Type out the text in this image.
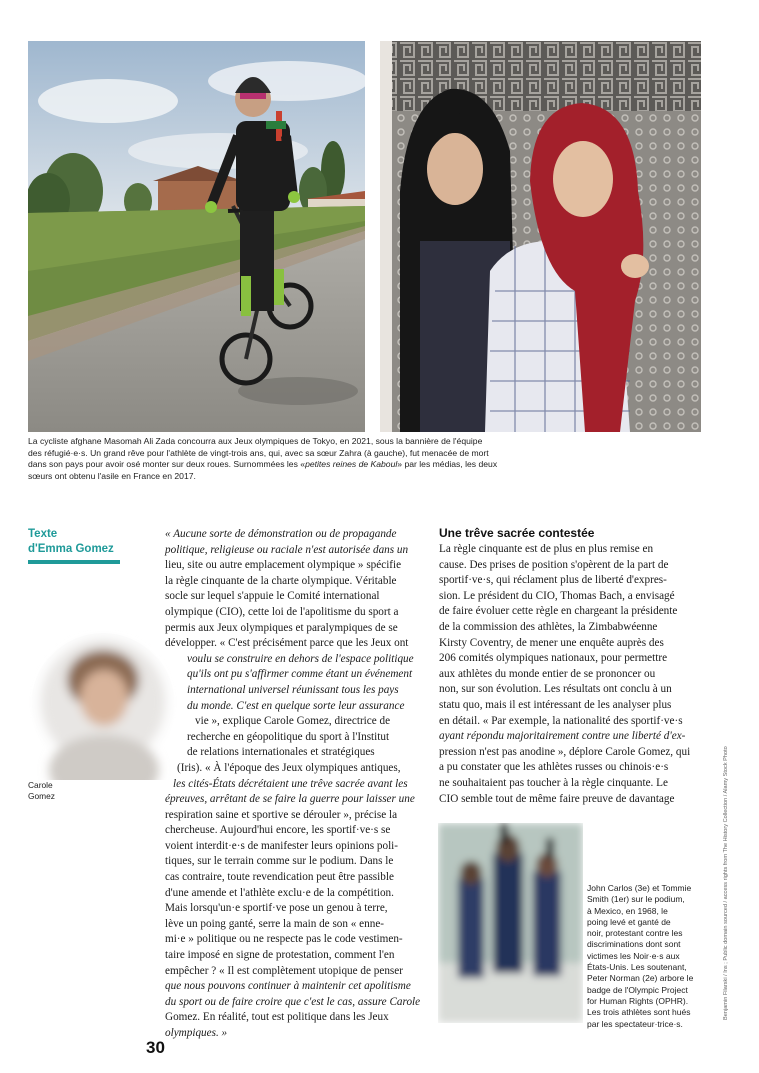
La cycliste afghane Masomah Ali Zada concourra aux Jeux olympiques de Tokyo, en 2021, sous la bannière de l'équipe des réfugié·e·s. Un grand rêve pour l'athlète de vingt-trois ans, qui, avec sa sœur Zahra (à gauche), fut menacée de mort dans son pays pour avoir osé monter sur deux roues. Surnommées les «petites reines de Kaboul» par les médias, les deux sœurs ont obtenu l'asile en France en 2017.
Texte
d'Emma Gomez
Carole
Gomez
« Aucune sorte de démonstration ou de propagande
politique, religieuse ou raciale n'est autorisée dans un
lieu, site ou autre emplacement olympique » spécifie
la règle cinquante de la charte olympique. Véritable
socle sur lequel s'appuie le Comité international
olympique (CIO), cette loi de l'apolitisme du sport a
permis aux Jeux olympiques et paralympiques de se
développer. « C'est précisément parce que les Jeux ont
voulu se construire en dehors de l'espace politique
qu'ils ont pu s'affirmer comme étant un événement
international universel réunissant tous les pays
du monde. C'est en quelque sorte leur assurance
vie », explique Carole Gomez, directrice de
recherche en géopolitique du sport à l'Institut
de relations internationales et stratégiques
(Iris). « À l'époque des Jeux olympiques antiques,
les cités-États décrétaient une trêve sacrée avant les
épreuves, arrêtant de se faire la guerre pour laisser une
respiration saine et sportive se dérouler », précise la
chercheuse. Aujourd'hui encore, les sportif·ve·s se
voient interdit·e·s de manifester leurs opinions poli-
tiques, sur le terrain comme sur le podium. Dans le
cas contraire, toute revendication peut être passible
d'une amende et l'athlète exclu·e de la compétition.
Mais lorsqu'un·e sportif·ve pose un genou à terre,
lève un poing ganté, serre la main de son « enne-
mi·e » politique ou ne respecte pas le code vestimen-
taire imposé en signe de protestation, comment l'en
empêcher ? « Il est complètement utopique de penser
que nous pouvons continuer à maintenir cet apolitisme
du sport ou de faire croire que c'est le cas, assure Carole
Gomez. En réalité, tout est politique dans les Jeux
olympiques. »
Une trêve sacrée contestée
La règle cinquante est de plus en plus remise en
cause. Des prises de position s'opèrent de la part de
sportif·ve·s, qui réclament plus de liberté d'expres-
sion. Le président du CIO, Thomas Bach, a envisagé
de faire évoluer cette règle en chargeant la présidente
de la commission des athlètes, la Zimbabwéenne
Kirsty Coventry, de mener une enquête auprès des
206 comités olympiques nationaux, pour permettre
aux athlètes du monde entier de se prononcer ou
non, sur son évolution. Les résultats ont conclu à un
statu quo, mais il est intéressant de les analyser plus
en détail. « Par exemple, la nationalité des sportif·ve·s
ayant répondu majoritairement contre une liberté d'ex-
pression n'est pas anodine », déplore Carole Gomez, qui
a pu constater que les athlètes russes ou chinois·e·s
ne souhaitaient pas toucher à la règle cinquante. Le
CIO semble tout de même faire preuve de davantage
John Carlos (3e) et Tommie
Smith (1er) sur le podium,
à Mexico, en 1968, le
poing levé et ganté de
noir, protestant contre les
discriminations dont sont
victimes les Noir·e·s aux
États-Unis. Les soutenant,
Peter Norman (2e) arbore le
badge de l'Olympic Project
for Human Rights (OPHR).
Les trois athlètes sont hués
par les spectateur·trice·s.
Benjamin Filarski / Ins ; Public domain sourced / access rights from The History Collection / Alamy Stock Photo
30
